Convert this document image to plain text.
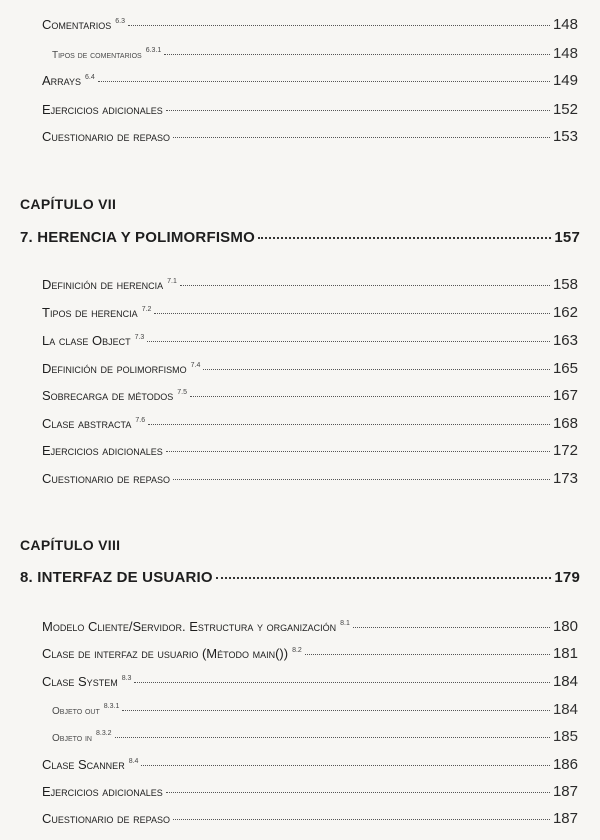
Comentarios 6.3	148
Tipos de comentarios 6.3.1	148
Arrays 6.4	149
Ejercicios adicionales	152
Cuestionario de repaso	153
CAPÍTULO VII
7. HERENCIA Y POLIMORFISMO	157
Definición de herencia 7.1	158
Tipos de herencia 7.2	162
La clase Object 7.3	163
Definición de polimorfismo 7.4	165
Sobrecarga de métodos 7.5	167
Clase abstracta 7.6	168
Ejercicios adicionales	172
Cuestionario de repaso	173
CAPÍTULO VIII
8. INTERFAZ DE USUARIO	179
Modelo Cliente/Servidor. Estructura y organización 8.1	180
Clase de interfaz de usuario (Método main()) 8.2	181
Clase System 8.3	184
Objeto out 8.3.1	184
Objeto in 8.3.2	185
Clase Scanner 8.4	186
Ejercicios adicionales	187
Cuestionario de repaso	187
